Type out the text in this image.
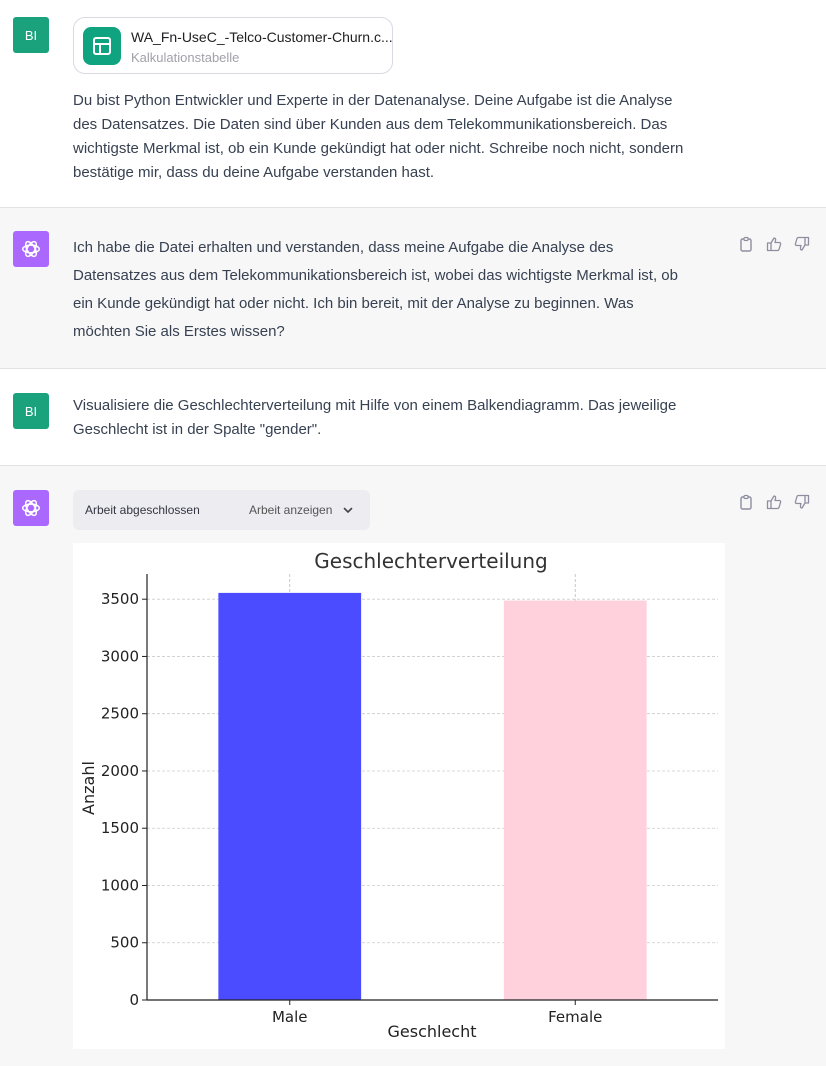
BI	WA_Fn-UseC_-Telco-Customer-Churn.c...
Kalkulationstabelle
Du bist Python Entwickler und Experte in der Datenanalyse. Deine Aufgabe ist die Analyse
des Datensatzes. Die Daten sind über Kunden aus dem Telekommunikationsbereich. Das
wichtigste Merkmal ist, ob ein Kunde gekündigt hat oder nicht. Schreibe noch nicht, sondern
bestätige mir, dass du deine Aufgabe verstanden hast.
Ich habe die Datei erhalten und verstanden, dass meine Aufgabe die Analyse des
Datensatzes aus dem Telekommunikationsbereich ist, wobei das wichtigste Merkmal ist, ob
ein Kunde gekündigt hat oder nicht. Ich bin bereit, mit der Analyse zu beginnen. Was
möchten Sie als Erstes wissen?
BI Visualisiere die Geschlechterverteilung mit Hilfe von einem Balkendiagramm. Das jeweilige
Geschlecht ist in der Spalte "gender".
Arbeit abgeschlossen	Arbeit anzeigen
Geschlechterverteilung
0
500
1000
1500
2000
2500
3000
3500
Male	Female
Geschlecht
Anzahl
